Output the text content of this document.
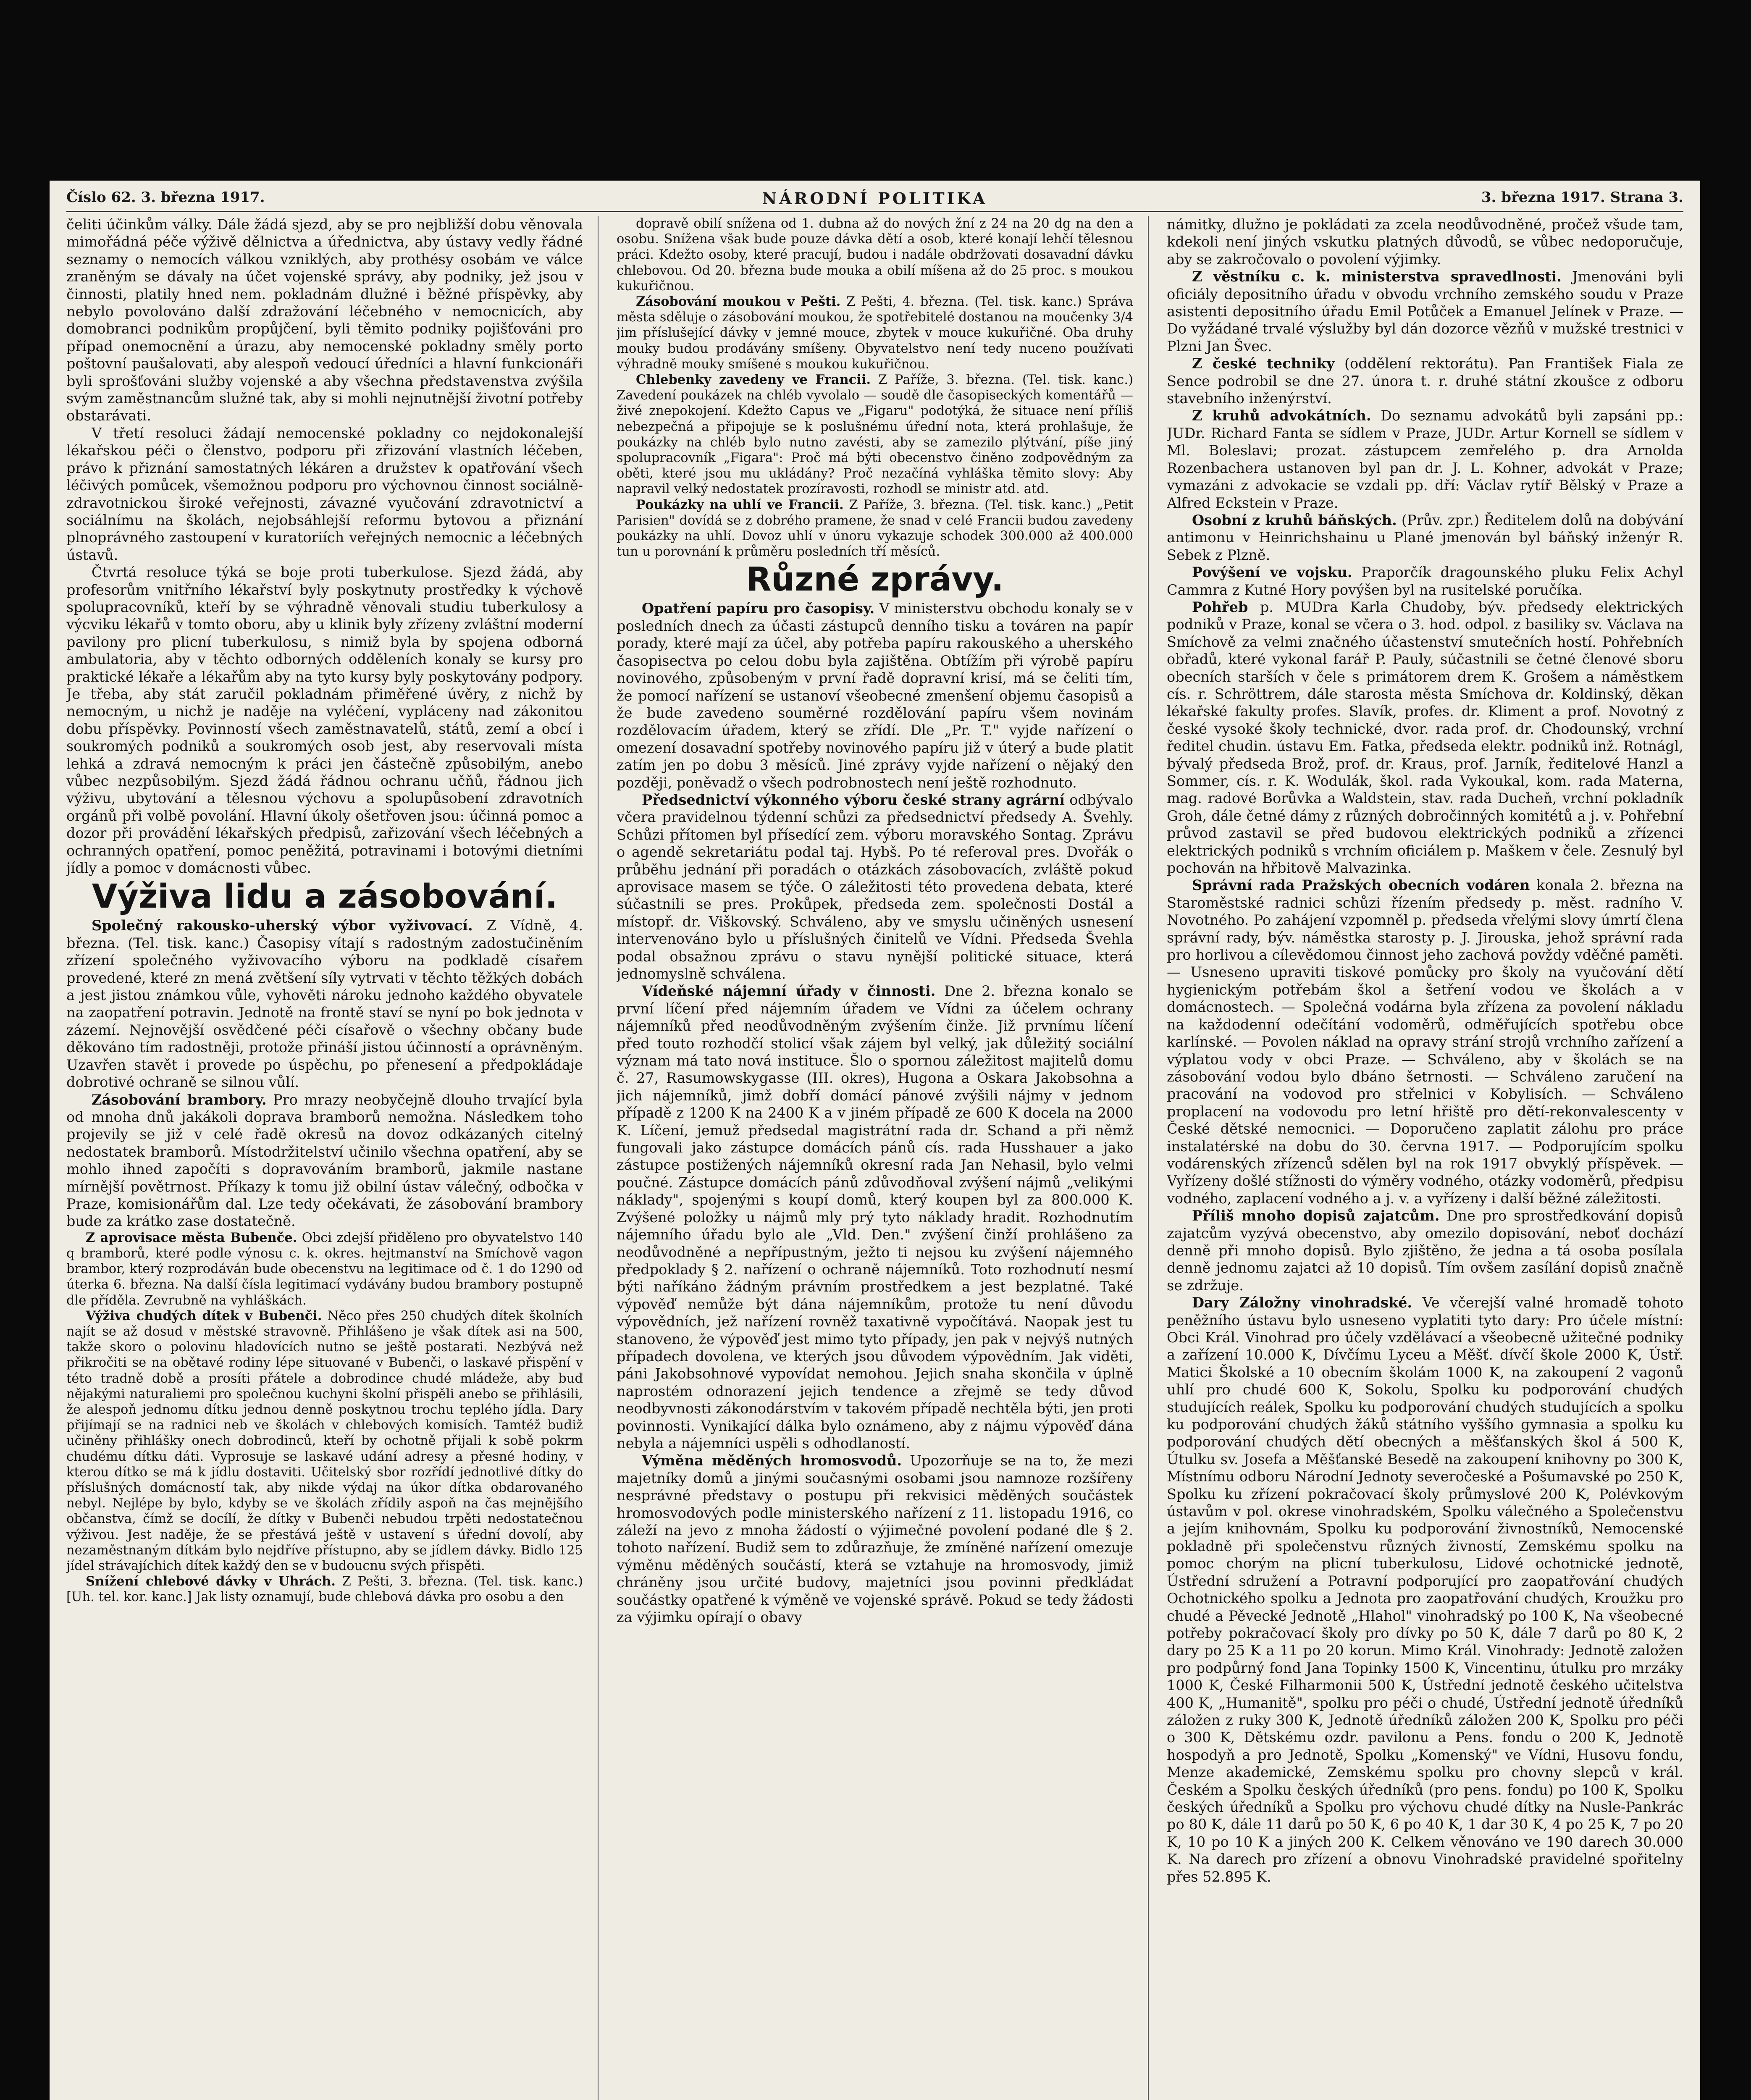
Číslo 62. 3. března 1917.	NÁRODNÍ POLITIKA	3. března 1917. Strana 3.

čeliti účinkům války. Dále žádá sjezd, aby se pro nejbližší dobu věnovala mimořádná péče výživě dělnictva a úřednictva, aby ústavy vedly řádné seznamy o nemocích válkou vzniklých, aby prothésy osobám ve válce zraněným se dávaly na účet vojenské správy, aby podniky, jež jsou v činnosti, platily hned nem. pokladnám dlužné i běžné příspěvky, aby nebylo povolováno další zdražování léčebného v nemocnicích, aby domobranci podnikům propůjčení, byli těmito podniky pojišťováni pro případ onemocnění a úrazu, aby nemocenské pokladny směly porto poštovní paušalovati, aby alespoň vedoucí úředníci a hlavní funkcionáři byli sprošťováni služby vojenské a aby všechna představenstva zvýšila svým zaměstnancům služné tak, aby si mohli nejnutnější životní potřeby obstarávati.

V třetí resoluci žádají nemocenské pokladny co nejdokonalejší lékařskou péči o členstvo, podporu při zřizování vlastních léčeben, právo k přiznání samostatných lékáren a družstev k opatřování všech léčivých pomůcek, všemožnou podporu pro výchovnou činnost sociálně-zdravotnickou široké veřejnosti, závazné vyučování zdravotnictví a sociálnímu na školách, nejobsáhlejší reformu bytovou a přiznání plnoprávného zastoupení v kuratoriích veřejných nemocnic a léčebných ústavů.

Čtvrtá resoluce týká se boje proti tuberkulose. Sjezd žádá, aby profesorům vnitřního lékařství byly poskytnuty prostředky k výchově spolupracovníků, kteří by se výhradně věnovali studiu tuberkulosy a výcviku lékařů v tomto oboru, aby u klinik byly zřízeny zvláštní moderní pavilony pro plicní tuberkulosu, s nimiž byla by spojena odborná ambulatoria, aby v těchto odborných odděleních konaly se kursy pro praktické lékaře a lékařům aby na tyto kursy byly poskytovány podpory. Je třeba, aby stát zaručil pokladnám přiměřené úvěry, z nichž by nemocným, u nichž je naděje na vyléčení, vypláceny nad zákonitou dobu příspěvky. Povinností všech zaměstnavatelů, států, zemí a obcí i soukromých podniků a soukromých osob jest, aby reservovali místa lehká a zdravá nemocným k práci jen částečně způsobilým, anebo vůbec nezpůsobilým. Sjezd žádá řádnou ochranu učňů, řádnou jich výživu, ubytování a tělesnou výchovu a spolupůsobení zdravotních orgánů při volbě povolání. Hlavní úkoly ošetřoven jsou: účinná pomoc a dozor při provádění lékařských předpisů, zařizování všech léčebných a ochranných opatření, pomoc peněžitá, potravinami i botovými dietními jídly a pomoc v domácnosti vůbec.

Výživa lidu a zásobování.

Společný rakousko-uherský výbor vyživovací. Z Vídně, 4. března. (Tel. tisk. kanc.) Časopisy vítají s radostným zadostučiněním zřízení společného vyživovacího výboru na podkladě císařem provedené, které zn mená zvětšení síly vytrvati v těchto těžkých dobách a jest jistou známkou vůle, vyhověti nároku jednoho každého obyvatele na zaopatření potravin. Jednotě na frontě staví se nyní po bok jednota v zázemí. Nejnovější osvědčené péči císařově o všechny občany bude děkováno tím radostněji, protože přináší jistou účinností a oprávněným. Uzavřen stavět i provede po úspěchu, po přenesení a předpokládaje dobrotivé ochraně se silnou vůlí.

Zásobování brambory. Pro mrazy neobyčejně dlouho trvající byla od mnoha dnů jakákoli doprava bramborů nemožna. Následkem toho projevily se již v celé řadě okresů na dovoz odkázaných citelný nedostatek bramborů. Místodržitelství učinilo všechna opatření, aby se mohlo ihned započíti s dopravováním bramborů, jakmile nastane mírnější povětrnost. Příkazy k tomu již obilní ústav válečný, odbočka v Praze, komisionářům dal. Lze tedy očekávati, že zásobování brambory bude za krátko zase dostatečně.

Z aprovisace města Bubenče. Obci zdejší přiděleno pro obyvatelstvo 140 q bramborů, které podle výnosu c. k. okres. hejtmanství na Smíchově vagon brambor, který rozprodáván bude obecenstvu na legitimace od č. 1 do 1290 od úterka 6. března. Na další čísla legitimací vydávány budou brambory postupně dle příděla. Zevrubně na vyhláškách.

Výživa chudých dítek v Bubenči. Něco přes 250 chudých dítek školních najít se až dosud v městské stravovně. Přihlášeno je však dítek asi na 500, takže skoro o polovinu hladovících nutno se ještě postarati. Nezbývá než přikročiti se na obětavé rodiny lépe situované v Bubenči, o laskavé přispění v této tradně době a prosíti přátele a dobrodince chudé mládeže, aby buď nějakými naturaliemi pro společnou kuchyni školní přispěli anebo se přihlásili, že alespoň jednomu dítku jednou denně poskytnou trochu teplého jídla. Dary přijímají se na radnici neb ve školách v chlebových komisích. Tamtéž budiž učiněny přihlášky onech dobrodinců, kteří by ochotně přijali k sobě pokrm chudému dítku dáti. Vyprosuje se laskavé udání adresy a přesné hodiny, v kterou dítko se má k jídlu dostaviti. Učitelský sbor rozřídí jednotlivé dítky do příslušných domácností tak, aby nikde výdaj na úkor dítka obdarovaného nebyl. Nejlépe by bylo, kdyby se ve školách zřídily aspoň na čas mejnějšího občanstva, čímž se docílí, že dítky v Bubenči nebudou trpěti nedostatečnou výživou. Jest naděje, že se přestává ještě v ustavení s úřední dovolí, aby nezaměstnaným dítkám bylo nejdříve přístupno, aby se jídlem dávky. Bidlo 125 jídel strávajíchich dítek každý den se v budoucnu svých přispěti.

Snížení chlebové dávky v Uhrách. Z Pešti, 3. března. (Tel. tisk. kanc.) [Uh. tel. kor. kanc.] Jak listy oznamují, bude chlebová dávka pro osobu a den

dopravě obilí snížena od 1. dubna až do nových žní z 24 na 20 dg na den a osobu. Snížena však bude pouze dávka dětí a osob, které konají lehčí tělesnou práci. Kdežto osoby, které pracují, budou i nadále obdržovati dosavadní dávku chlebovou. Od 20. března bude mouka a obilí míšena až do 25 proc. s moukou kukuřičnou.

Zásobování moukou v Pešti. Z Pešti, 4. března. (Tel. tisk. kanc.) Správa města sděluje o zásobování moukou, že spotřebitelé dostanou na moučenky 3/4 jim příslušející dávky v jemné mouce, zbytek v mouce kukuřičné. Oba druhy mouky budou prodávány smíšeny. Obyvatelstvo není tedy nuceno používati výhradně mouky smíšené s moukou kukuřičnou.

Chlebenky zavedeny ve Francii. Z Paříže, 3. března. (Tel. tisk. kanc.) Zavedení poukázek na chléb vyvolalo — soudě dle časopiseckých komentářů — živé znepokojení. Kdežto Capus ve „Figaru" podotýká, že situace není příliš nebezpečná a připojuje se k poslušnému úřední nota, která prohlašuje, že poukázky na chléb bylo nutno zavésti, aby se zamezilo plýtvání, píše jiný spolupracovník „Figara": Proč má býti obecenstvo činěno zodpovědným za oběti, které jsou mu ukládány? Proč nezačíná vyhláška těmito slovy: Aby napravil velký nedostatek prozíravosti, rozhodl se ministr atd. atd.

Poukázky na uhlí ve Francii. Z Paříže, 3. března. (Tel. tisk. kanc.) „Petit Parisien" dovídá se z dobrého pramene, že snad v celé Francii budou zavedeny poukázky na uhlí. Dovoz uhlí v únoru vykazuje schodek 300.000 až 400.000 tun u porovnání k průměru posledních tří měsíců.

Různé zprávy.

Opatření papíru pro časopisy. V ministerstvu obchodu konaly se v posledních dnech za účasti zástupců denního tisku a továren na papír porady, které mají za účel, aby potřeba papíru rakouského a uherského časopisectva po celou dobu byla zajištěna. Obtížím při výrobě papíru novinového, způsobeným v první řadě dopravní krisí, má se čeliti tím, že pomocí nařízení se ustanoví všeobecné zmenšení objemu časopisů a že bude zavedeno souměrné rozdělování papíru všem novinám rozdělovacím úřadem, který se zřídí. Dle „Pr. T." vyjde nařízení o omezení dosavadní spotřeby novinového papíru již v úterý a bude platit zatím jen po dobu 3 měsíců. Jiné zprávy vyjde nařízení o nějaký den později, poněvadž o všech podrobnostech není ještě rozhodnuto.

Předsednictví výkonného výboru české strany agrární odbývalo včera pravidelnou týdenní schůzi za předsednictví předsedy A. Švehly. Schůzi přítomen byl přísedící zem. výboru moravského Sontag. Zprávu o agendě sekretariátu podal taj. Hybš. Po té referoval pres. Dvořák o průběhu jednání při poradách o otázkách zásobovacích, zvláště pokud aprovisace masem se týče. O záležitosti této provedena debata, které súčastnili se pres. Prokůpek, předseda zem. společnosti Dostál a místopř. dr. Viškovský. Schváleno, aby ve smyslu učiněných usnesení intervenováno bylo u příslušných činitelů ve Vídni. Předseda Švehla podal obsažnou zprávu o stavu nynější politické situace, která jednomyslně schválena.

Vídeňské nájemní úřady v činnosti. Dne 2. března konalo se první líčení před nájemním úřadem ve Vídni za účelem ochrany nájemníků před neodůvodněným zvýšením činže. Již prvnímu líčení před touto rozhodčí stolicí však zájem byl velký, jak důležitý sociální význam má tato nová instituce. Šlo o spornou záležitost majitelů domu č. 27, Rasumowskygasse (III. okres), Hugona a Oskara Jakobsohna a jich nájemníků, jimž dobří domácí pánové zvýšili nájmy v jednom případě z 1200 K na 2400 K a v jiném případě ze 600 K docela na 2000 K. Líčení, jemuž předsedal magistrátní rada dr. Schand a při němž fungovali jako zástupce domácích pánů cís. rada Husshauer a jako zástupce postižených nájemníků okresní rada Jan Nehasil, bylo velmi poučné. Zástupce domácích pánů zdůvodňoval zvýšení nájmů „velikými náklady", spojenými s koupí domů, který koupen byl za 800.000 K. Zvýšené položky u nájmů mly prý tyto náklady hradit. Rozhodnutím nájemního úřadu bylo ale „Vld. Den." zvýšení činží prohlášeno za neodůvodněné a nepřípustným, ježto ti nejsou ku zvýšení nájemného předpoklady § 2. nařízení o ochraně nájemníků. Toto rozhodnutí nesmí býti naříkáno žádným právním prostředkem a jest bezplatné. Také výpověď nemůže být dána nájemníkům, protože tu není důvodu výpovědních, jež nařízení rovněž taxativně vypočítává. Naopak jest tu stanoveno, že výpověď jest mimo tyto případy, jen pak v nejvýš nutných případech dovolena, ve kterých jsou důvodem výpovědním. Jak viděti, páni Jakobsohnové vypovídat nemohou. Jejich snaha skončila v úplně naprostém odnorazení jejich tendence a zřejmě se tedy důvod neodbyvnosti zákonodárstvím v takovém případě nechtěla býti, jen proti povinnosti. Vynikající dálka bylo oznámeno, aby z nájmu výpověď dána nebyla a nájemníci uspěli s odhodlaností.

Výměna měděných hromosvodů. Upozorňuje se na to, že mezi majetníky domů a jinými současnými osobami jsou namnoze rozšířeny nesprávné představy o postupu při rekvisici měděných součástek hromosvodových podle ministerského nařízení z 11. listopadu 1916, co záleží na jevo z mnoha žádostí o výjimečné povolení podané dle § 2. tohoto nařízení. Budiž sem to zdůrazňuje, že zmíněné nařízení omezuje výměnu měděných součástí, která se vztahuje na hromosvody, jimiž chráněny jsou určité budovy, majetníci jsou povinni předkládat součástky opatřené k výměně ve vojenské správě. Pokud se tedy žádosti za výjimku opírají o obavy

námitky, dlužno je pokládati za zcela neodůvodněné, pročež všude tam, kdekoli není jiných vskutku platných důvodů, se vůbec nedoporučuje, aby se zakročovalo o povolení výjimky.

Z věstníku c. k. ministerstva spravedlnosti. Jmenováni byli oficiály depositního úřadu v obvodu vrchního zemského soudu v Praze asistenti depositního úřadu Emil Potůček a Emanuel Jelínek v Praze. — Do vyžádané trvalé výslužby byl dán dozorce vězňů v mužské trestnici v Plzni Jan Švec.

Z české techniky (oddělení rektorátu). Pan František Fiala ze Sence podrobil se dne 27. února t. r. druhé státní zkoušce z odboru stavebního inženýrství.

Z kruhů advokátních. Do seznamu advokátů byli zapsáni pp.: JUDr. Richard Fanta se sídlem v Praze, JUDr. Artur Kornell se sídlem v Ml. Boleslavi; prozat. zástupcem zemřelého p. dra Arnolda Rozenbachera ustanoven byl pan dr. J. L. Kohner, advokát v Praze; vymazáni z advokacie se vzdali pp. dří: Václav rytíř Bělský v Praze a Alfred Eckstein v Praze.

Osobní z kruhů báňských. (Prův. zpr.) Ředitelem dolů na dobývání antimonu v Heinrichshainu u Plané jmenován byl báňský inženýr R. Sebek z Plzně.

Povýšení ve vojsku. Praporčík dragounského pluku Felix Achyl Cammra z Kutné Hory povýšen byl na rusitelské poručíka.

Pohřeb p. MUDra Karla Chudoby, býv. předsedy elektrických podniků v Praze, konal se včera o 3. hod. odpol. z basiliky sv. Václava na Smíchově za velmi značného účastenství smutečních hostí. Pohřebních obřadů, které vykonal farář P. Pauly, súčastnili se četné členové sboru obecních starších v čele s primátorem drem K. Grošem a náměstkem cís. r. Schröttrem, dále starosta města Smíchova dr. Koldinský, děkan lékařské fakulty profes. Slavík, profes. dr. Kliment a prof. Novotný z české vysoké školy technické, dvor. rada prof. dr. Chodounský, vrchní ředitel chudin. ústavu Em. Fatka, předseda elektr. podniků inž. Rotnágl, bývalý předseda Brož, prof. dr. Kraus, prof. Jarník, ředitelové Hanzl a Sommer, cís. r. K. Wodulák, škol. rada Vykoukal, kom. rada Materna, mag. radové Borůvka a Waldstein, stav. rada Ducheň, vrchní pokladník Groh, dále četné dámy z různých dobročinných komitétů a j. v. Pohřební průvod zastavil se před budovou elektrických podniků a zřízenci elektrických podniků s vrchním oficiálem p. Maškem v čele. Zesnulý byl pochován na hřbitově Malvazinka.

Správní rada Pražských obecních vodáren konala 2. března na Staroměstské radnici schůzi řízením předsedy p. měst. radního V. Novotného. Po zahájení vzpomněl p. předseda vřelými slovy úmrtí člena správní rady, býv. náměstka starosty p. J. Jirouska, jehož správní rada pro horlivou a cílevědomou činnost jeho zachová povždy vděčné paměti. — Usneseno upraviti tiskové pomůcky pro školy na vyučování dětí hygienickým potřebám škol a šetření vodou ve školách a v domácnostech. — Společná vodárna byla zřízena za povolení nákladu na každodenní odečítání vodoměrů, odměřujících spotřebu obce karlínské. — Povolen náklad na opravy strání strojů vrchního zařízení a výplatou vody v obci Praze. — Schváleno, aby v školách se na zásobování vodou bylo dbáno šetrnosti. — Schváleno zaručení na pracování na vodovod pro střelnici v Kobylisích. — Schváleno proplacení na vodovodu pro letní hřiště pro dětí-rekonvalescenty v České dětské nemocnici. — Doporučeno zaplatit zálohu pro práce instalatérské na dobu do 30. června 1917. — Podporujícím spolku vodárenských zřízenců sdělen byl na rok 1917 obvyklý příspěvek. — Vyřízeny došlé stížnosti do výměry vodného, otázky vodoměrů, předpisu vodného, zaplacení vodného a j. v. a vyřízeny i další běžné záležitosti.

Příliš mnoho dopisů zajatcům. Dne pro sprostředkování dopisů zajatcům vyzývá obecenstvo, aby omezilo dopisování, neboť dochází denně při mnoho dopisů. Bylo zjištěno, že jedna a tá osoba posílala denně jednomu zajatci až 10 dopisů. Tím ovšem zasílání dopisů značně se zdržuje.

Dary Záložny vinohradské. Ve včerejší valné hromadě tohoto peněžního ústavu bylo usneseno vyplatiti tyto dary: Pro účele místní: Obci Král. Vinohrad pro účely vzdělávací a všeobecně užitečné podniky a zařízení 10.000 K, Dívčímu Lyceu a Měšť. dívčí škole 2000 K, Ústř. Matici Školské a 10 obecním školám 1000 K, na zakoupení 2 vagonů uhlí pro chudé 600 K, Sokolu, Spolku ku podporování chudých studujících reálek, Spolku ku podporování chudých studujících a spolku ku podporování chudých žáků státního vyššího gymnasia a spolku ku podporování chudých dětí obecných a měšťanských škol á 500 K, Útulku sv. Josefa a Měšťanské Besedě na zakoupení knihovny po 300 K, Místnímu odboru Národní Jednoty severočeské a Pošumavské po 250 K, Spolku ku zřízení pokračovací školy průmyslové 200 K, Polévkovým ústavům v pol. okrese vinohradském, Spolku válečného a Společenstvu a jejím knihovnám, Spolku ku podporování živnostníků, Nemocenské pokladně při společenstvu různých živností, Zemskému spolku na pomoc chorým na plicní tuberkulosu, Lidové ochotnické jednotě, Ústřední sdružení a Potravní podporující pro zaopatřování chudých Ochotnického spolku a Jednota pro zaopatřování chudých, Kroužku pro chudé a Pěvecké Jednotě „Hlahol" vinohradský po 100 K, Na všeobecné potřeby pokračovací školy pro dívky po 50 K, dále 7 darů po 80 K, 2 dary po 25 K a 11 po 20 korun. Mimo Král. Vinohrady: Jednotě založen pro podpůrný fond Jana Topinky 1500 K, Vincentinu, útulku pro mrzáky 1000 K, České Filharmonii 500 K, Ústřední jednotě českého učitelstva 400 K, „Humanitě", spolku pro péči o chudé, Ústřední jednotě úředníků záložen z ruky 300 K, Jednotě úředníků záložen 200 K, Spolku pro péči o 300 K, Dětskému ozdr. pavilonu a Pens. fondu o 200 K, Jednotě hospodyň a pro Jednotě, Spolku „Komenský" ve Vídni, Husovu fondu, Menze akademické, Zemskému spolku pro chovny slepců v král. Českém a Spolku českých úředníků (pro pens. fondu) po 100 K, Spolku českých úředníků a Spolku pro výchovu chudé dítky na Nusle-Pankrác po 80 K, dále 11 darů po 50 K, 6 po 40 K, 1 dar 30 K, 4 po 25 K, 7 po 20 K, 10 po 10 K a jiných 200 K. Celkem věnováno ve 190 darech 30.000 K. Na darech pro zřízení a obnovu Vinohradské pravidelné spořitelny přes 52.895 K.
